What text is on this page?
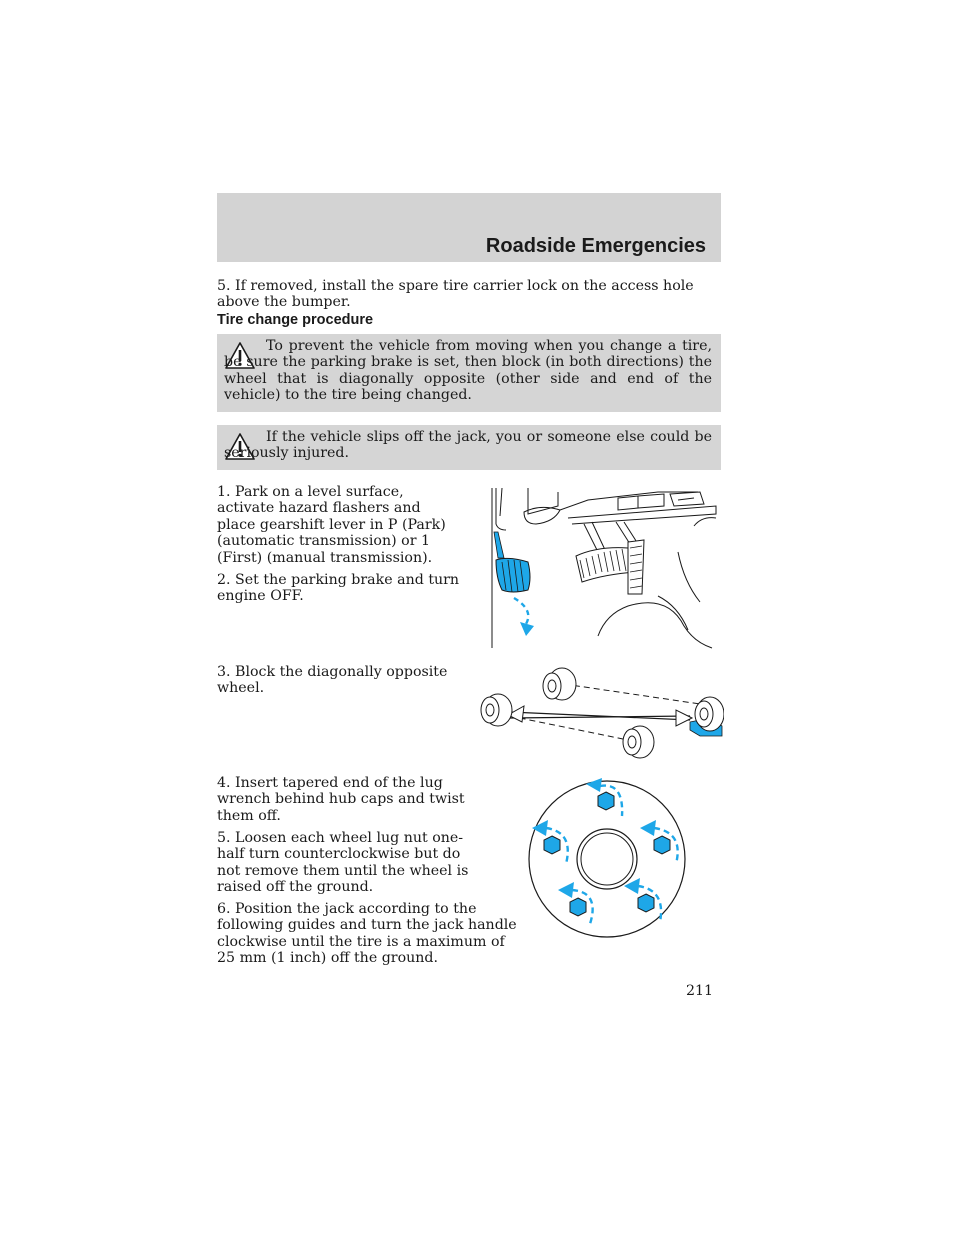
Roadside Emergencies

5. If removed, install the spare tire carrier lock on the access hole above the bumper.

Tire change procedure
To prevent the vehicle from moving when you change a tire, be sure the parking brake is set, then block (in both directions) the wheel that is diagonally opposite (other side and end of the vehicle) to the tire being changed.
If the vehicle slips off the jack, you or someone else could be seriously injured.

1. Park on a level surface, activate hazard flashers and place gearshift lever in P (Park) (automatic transmission) or 1 (First) (manual transmission).

2. Set the parking brake and turn engine OFF.

3. Block the diagonally opposite wheel.

4. Insert tapered end of the lug wrench behind hub caps and twist them off.

5. Loosen each wheel lug nut one-half turn counterclockwise but do not remove them until the wheel is raised off the ground.

6. Position the jack according to the following guides and turn the jack handle clockwise until the tire is a maximum of 25 mm (1 inch) off the ground.

211
